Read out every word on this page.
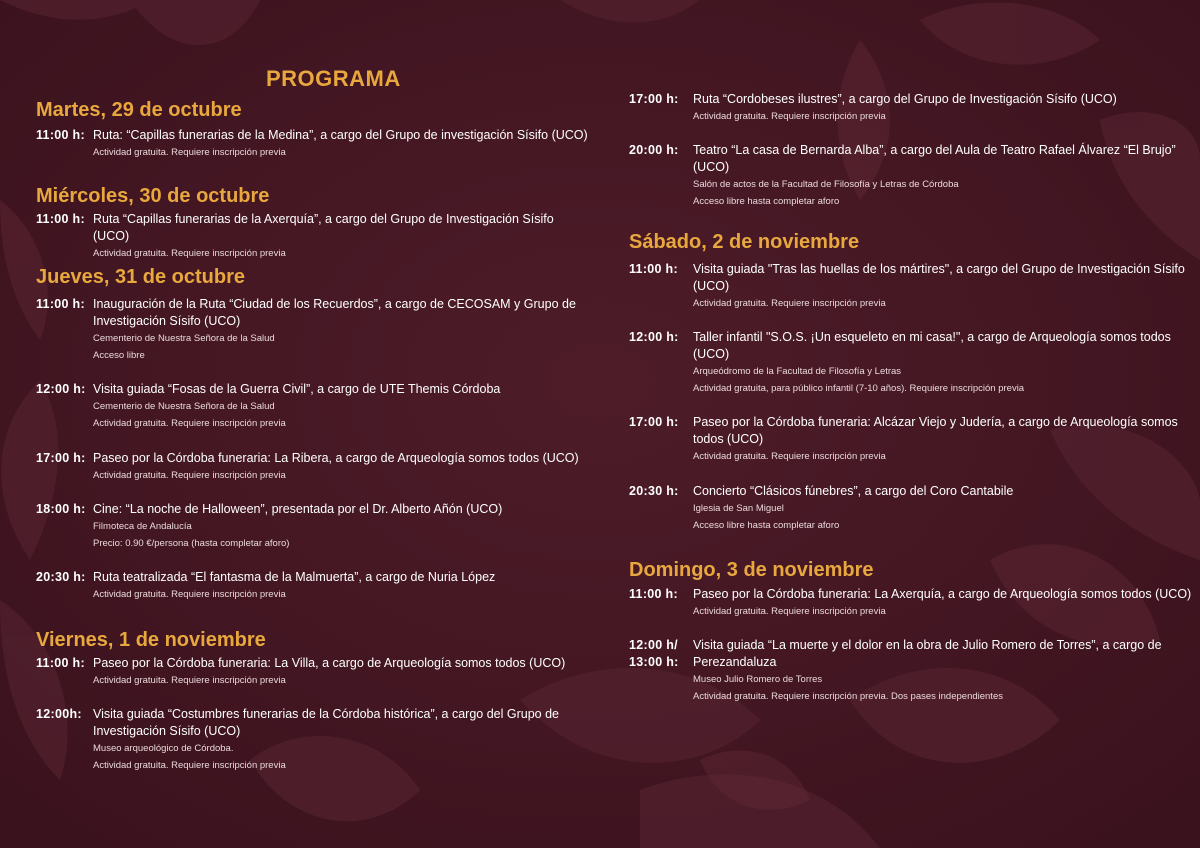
PROGRAMA
Martes, 29 de octubre
11:00 h: Ruta: “Capillas funerarias de la Medina”, a cargo del Grupo de investigación Sísifo (UCO)

Actividad gratuita. Requiere inscripción previa

Miércoles, 30 de octubre
11:00 h: Ruta “Capillas funerarias de la Axerquía”, a cargo del Grupo de Investigación Sísifo (UCO)

Actividad gratuita. Requiere inscripción previa

Jueves, 31 de octubre
11:00 h: Inauguración de la Ruta “Ciudad de los Recuerdos”, a cargo de CECOSAM y Grupo de Investigación Sísifo (UCO)

Cementerio de Nuestra Señora de la Salud

Acceso libre

12:00 h: Visita guiada “Fosas de la Guerra Civil”, a cargo de UTE Themis Córdoba

Cementerio de Nuestra Señora de la Salud

Actividad gratuita. Requiere inscripción previa

17:00 h: Paseo por la Córdoba funeraria: La Ribera, a cargo de Arqueología somos todos (UCO)

Actividad gratuita. Requiere inscripción previa

18:00 h: Cine: “La noche de Halloween”, presentada por el Dr. Alberto Añón (UCO)

Filmoteca de Andalucía

Precio: 0.90 €/persona (hasta completar aforo)

20:30 h: Ruta teatralizada “El fantasma de la Malmuerta”, a cargo de Nuria López

Actividad gratuita. Requiere inscripción previa

Viernes, 1 de noviembre
11:00 h: Paseo por la Córdoba funeraria: La Villa, a cargo de Arqueología somos todos (UCO)

Actividad gratuita. Requiere inscripción previa

12:00h: Visita guiada “Costumbres funerarias de la Córdoba histórica”, a cargo del Grupo de Investigación Sísifo (UCO)

Museo arqueológico de Córdoba.

Actividad gratuita. Requiere inscripción previa

17:00 h: Ruta “Cordobeses ilustres”, a cargo del Grupo de Investigación Sísifo (UCO)

Actividad gratuita. Requiere inscripción previa

20:00 h: Teatro “La casa de Bernarda Alba”, a cargo del Aula de Teatro Rafael Álvarez “El Brujo” (UCO)

Salón de actos de la Facultad de Filosofía y Letras de Córdoba

Acceso libre hasta completar aforo

Sábado, 2 de noviembre
11:00 h: Visita guiada "Tras las huellas de los mártires", a cargo del Grupo de Investigación Sísifo (UCO)

Actividad gratuita. Requiere inscripción previa

12:00 h: Taller infantil "S.O.S. ¡Un esqueleto en mi casa!", a cargo de Arqueología somos todos (UCO)

Arqueódromo de la Facultad de Filosofía y Letras

Actividad gratuita, para público infantil (7-10 años). Requiere inscripción previa

17:00 h: Paseo por la Córdoba funeraria: Alcázar Viejo y Judería, a cargo de Arqueología somos todos (UCO)

Actividad gratuita. Requiere inscripción previa

20:30 h: Concierto “Clásicos fúnebres”, a cargo del Coro Cantabile

Iglesia de San Miguel

Acceso libre hasta completar aforo

Domingo, 3 de noviembre
11:00 h: Paseo por la Córdoba funeraria: La Axerquía, a cargo de Arqueología somos todos (UCO)

Actividad gratuita. Requiere inscripción previa

12:00 h/
13:00 h:

Visita guiada “La muerte y el dolor en la obra de Julio Romero de Torres”, a cargo de Perezandaluza

Museo Julio Romero de Torres

Actividad gratuita. Requiere inscripción previa. Dos pases independientes
